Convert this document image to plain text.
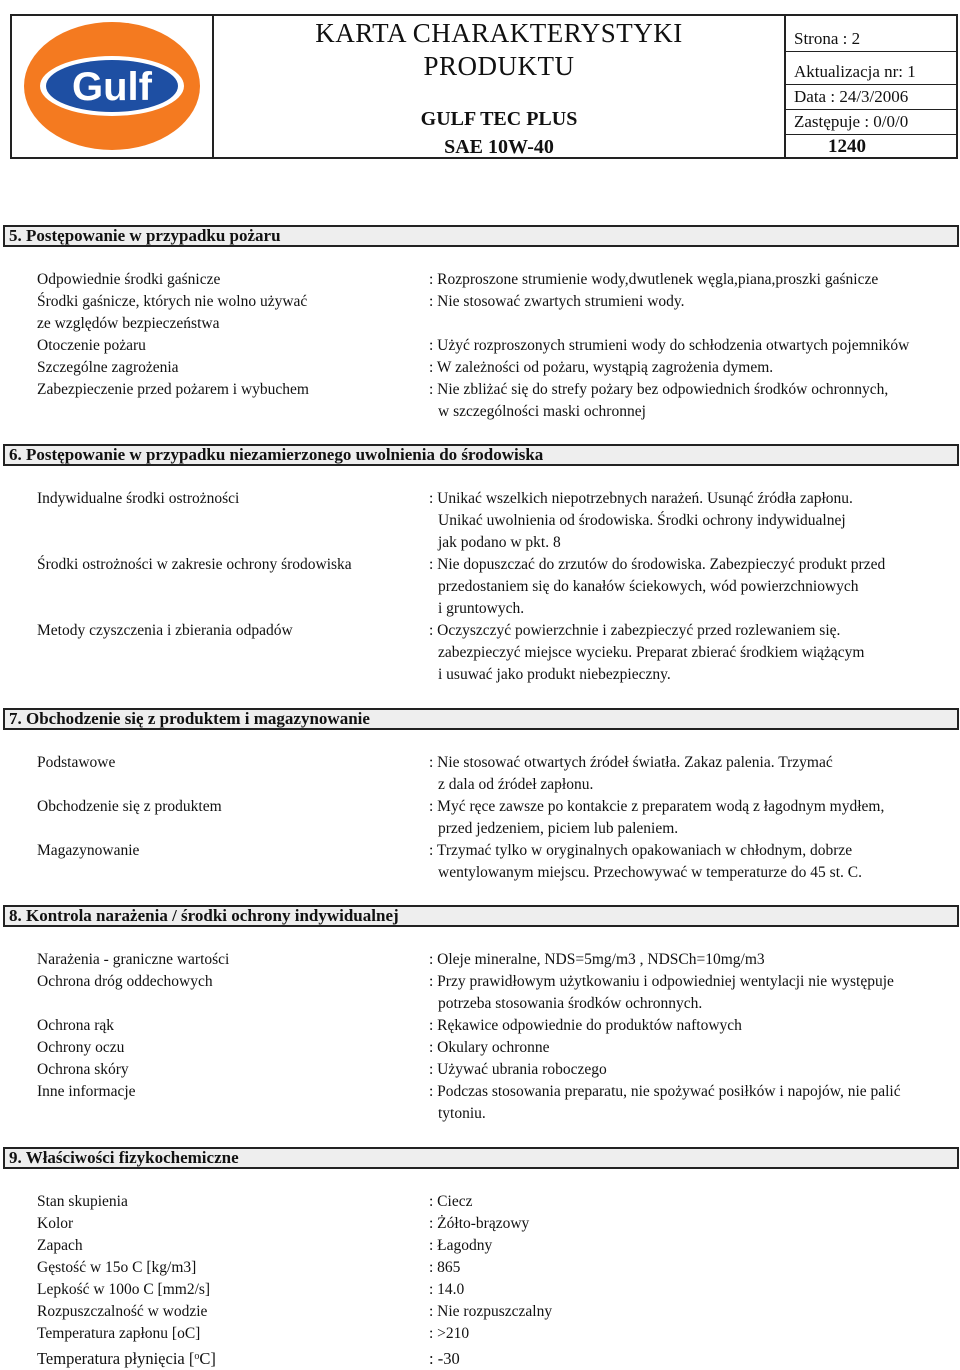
Gulf
KARTA CHARAKTERYSTYKI
PRODUKTU
GULF TEC PLUS
SAE 10W-40
Strona : 2
Aktualizacja nr: 1
Data : 24/3/2006
Zastępuje : 0/0/0
1240
5. Postępowanie w przypadku pożaru
Odpowiednie środki gaśnicze	: Rozproszone strumienie wody,dwutlenek węgla,piana,proszki gaśnicze
Środki gaśnicze, których nie wolno używać	: Nie stosować zwartych strumieni wody.
ze względów bezpieczeństwa
Otoczenie pożaru	: Użyć rozproszonych strumieni wody do schłodzenia otwartych pojemników
Szczególne zagrożenia	: W zależności od pożaru, wystąpią zagrożenia dymem.
Zabezpieczenie przed pożarem i wybuchem	: Nie zbliżać się do strefy pożary bez odpowiednich środków ochronnych,
w szczególności maski ochronnej
6. Postępowanie w przypadku niezamierzonego uwolnienia do środowiska
Indywidualne środki ostrożności	: Unikać wszelkich niepotrzebnych narażeń. Usunąć źródła zapłonu.
Unikać uwolnienia od środowiska. Środki ochrony indywidualnej
jak podano w pkt. 8
Środki ostrożności w zakresie ochrony środowiska	: Nie dopuszczać do zrzutów do środowiska. Zabezpieczyć produkt przed
przedostaniem się do kanałów ściekowych, wód powierzchniowych
i gruntowych.
Metody czyszczenia i zbierania odpadów	: Oczyszczyć powierzchnie i zabezpieczyć przed rozlewaniem się.
zabezpieczyć miejsce wycieku. Preparat zbierać środkiem wiążącym
i usuwać jako produkt niebezpieczny.
7. Obchodzenie się z produktem i magazynowanie
Podstawowe	: Nie stosować otwartych źródeł światła. Zakaz palenia. Trzymać
z dala od źródeł zapłonu.
Obchodzenie się z produktem	: Myć ręce zawsze po kontakcie z preparatem wodą z łagodnym mydłem,
przed jedzeniem, piciem lub paleniem.
Magazynowanie	: Trzymać tylko w oryginalnych opakowaniach w chłodnym, dobrze
wentylowanym miejscu. Przechowywać w temperaturze do 45 st. C.
8. Kontrola narażenia / środki ochrony indywidualnej
Narażenia - graniczne wartości	: Oleje mineralne, NDS=5mg/m3 , NDSCh=10mg/m3
Ochrona dróg oddechowych	: Przy prawidłowym użytkowaniu i odpowiedniej wentylacji nie występuje
potrzeba stosowania środków ochronnych.
Ochrona rąk	: Rękawice odpowiednie do produktów naftowych
Ochrony oczu	: Okulary ochronne
Ochrona skóry	: Używać ubrania roboczego
Inne informacje	: Podczas stosowania preparatu, nie spożywać posiłków i napojów, nie palić
tytoniu.
9. Właściwości fizykochemiczne
Stan skupienia	: Ciecz
Kolor	: Żółto-brązowy
Zapach	: Łagodny
Gęstość w 15o C [kg/m3]	: 865
Lepkość w 100o C [mm2/s]	: 14.0
Rozpuszczalność w wodzie	: Nie rozpuszczalny
Temperatura zapłonu [oC]	: >210
Temperatura płynięcia [$^o$C]	: -30
